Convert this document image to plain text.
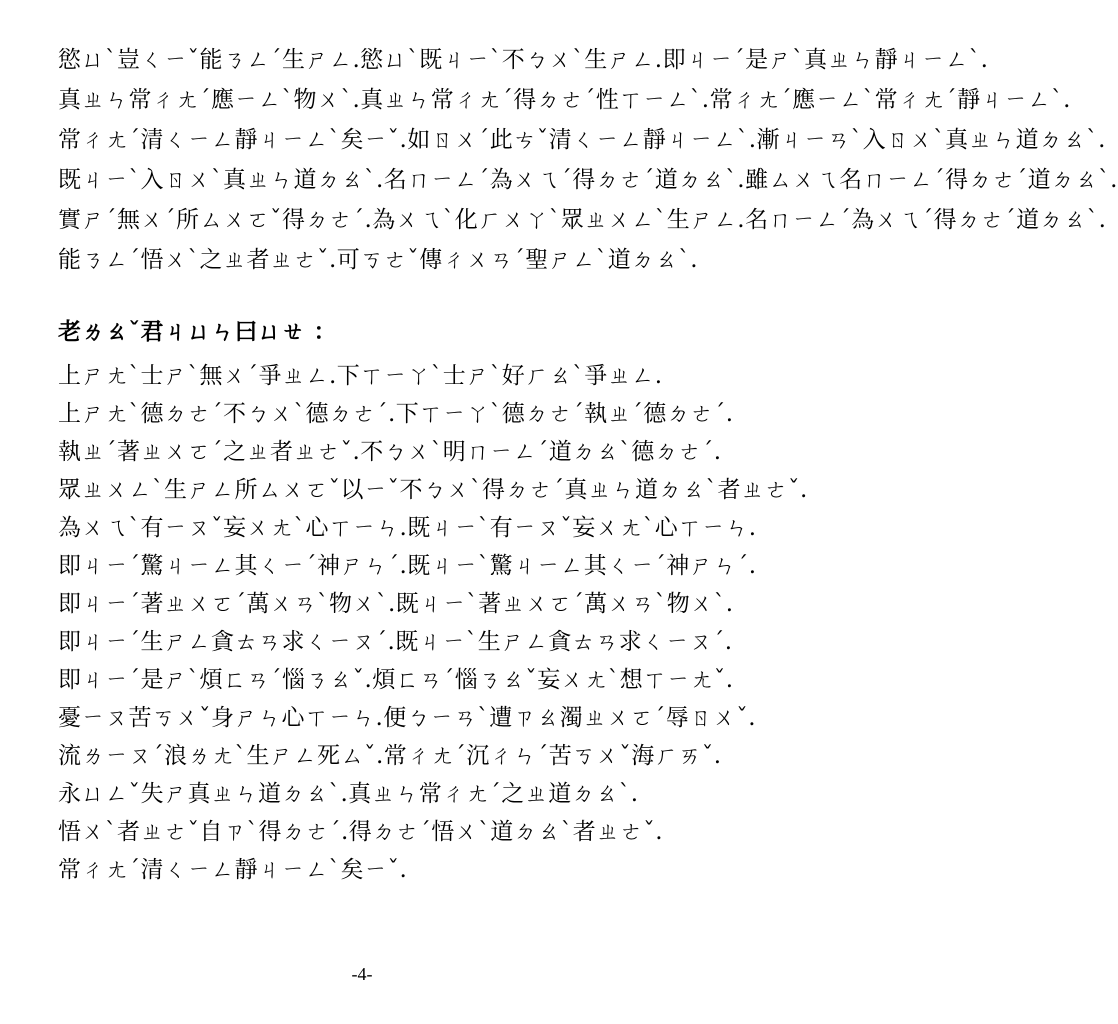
慾ㄩˋ豈ㄑㄧˇ能ㄋㄥˊ生ㄕㄥ.慾ㄩˋ既ㄐㄧˋ不ㄅㄨˋ生ㄕㄥ.即ㄐㄧˊ是ㄕˋ真ㄓㄣ靜ㄐㄧㄥˋ.
真ㄓㄣ常ㄔㄤˊ應ㄧㄥˋ物ㄨˋ.真ㄓㄣ常ㄔㄤˊ得ㄉㄜˊ性ㄒㄧㄥˋ.常ㄔㄤˊ應ㄧㄥˋ常ㄔㄤˊ靜ㄐㄧㄥˋ.
常ㄔㄤˊ清ㄑㄧㄥ靜ㄐㄧㄥˋ矣ㄧˇ.如ㄖㄨˊ此ㄘˇ清ㄑㄧㄥ靜ㄐㄧㄥˋ.漸ㄐㄧㄢˋ入ㄖㄨˋ真ㄓㄣ道ㄉㄠˋ.
既ㄐㄧˋ入ㄖㄨˋ真ㄓㄣ道ㄉㄠˋ.名ㄇㄧㄥˊ為ㄨㄟˊ得ㄉㄜˊ道ㄉㄠˋ.雖ㄙㄨㄟ名ㄇㄧㄥˊ得ㄉㄜˊ道ㄉㄠˋ.
實ㄕˊ無ㄨˊ所ㄙㄨㄛˇ得ㄉㄜˊ.為ㄨㄟˋ化ㄏㄨㄚˋ眾ㄓㄨㄥˋ生ㄕㄥ.名ㄇㄧㄥˊ為ㄨㄟˊ得ㄉㄜˊ道ㄉㄠˋ.
能ㄋㄥˊ悟ㄨˋ之ㄓ者ㄓㄜˇ.可ㄎㄜˇ傳ㄔㄨㄢˊ聖ㄕㄥˋ道ㄉㄠˋ.
老ㄌㄠˇ君ㄐㄩㄣ曰ㄩㄝ ：
上ㄕㄤˋ士ㄕˋ無ㄨˊ爭ㄓㄥ.下ㄒㄧㄚˋ士ㄕˋ好ㄏㄠˋ爭ㄓㄥ.
上ㄕㄤˋ德ㄉㄜˊ不ㄅㄨˋ德ㄉㄜˊ.下ㄒㄧㄚˋ德ㄉㄜˊ執ㄓˊ德ㄉㄜˊ.
執ㄓˊ著ㄓㄨㄛˊ之ㄓ者ㄓㄜˇ.不ㄅㄨˋ明ㄇㄧㄥˊ道ㄉㄠˋ德ㄉㄜˊ.
眾ㄓㄨㄥˋ生ㄕㄥ所ㄙㄨㄛˇ以ㄧˇ不ㄅㄨˋ得ㄉㄜˊ真ㄓㄣ道ㄉㄠˋ者ㄓㄜˇ.
為ㄨㄟˋ有ㄧㄡˇ妄ㄨㄤˋ心ㄒㄧㄣ.既ㄐㄧˋ有ㄧㄡˇ妄ㄨㄤˋ心ㄒㄧㄣ.
即ㄐㄧˊ驚ㄐㄧㄥ其ㄑㄧˊ神ㄕㄣˊ.既ㄐㄧˋ驚ㄐㄧㄥ其ㄑㄧˊ神ㄕㄣˊ.
即ㄐㄧˊ著ㄓㄨㄛˊ萬ㄨㄢˋ物ㄨˋ.既ㄐㄧˋ著ㄓㄨㄛˊ萬ㄨㄢˋ物ㄨˋ.
即ㄐㄧˊ生ㄕㄥ貪ㄊㄢ求ㄑㄧㄡˊ.既ㄐㄧˋ生ㄕㄥ貪ㄊㄢ求ㄑㄧㄡˊ.
即ㄐㄧˊ是ㄕˋ煩ㄈㄢˊ惱ㄋㄠˇ.煩ㄈㄢˊ惱ㄋㄠˇ妄ㄨㄤˋ想ㄒㄧㄤˇ.
憂ㄧㄡ苦ㄎㄨˇ身ㄕㄣ心ㄒㄧㄣ.便ㄅㄧㄢˋ遭ㄗㄠ濁ㄓㄨㄛˊ辱ㄖㄨˇ.
流ㄌㄧㄡˊ浪ㄌㄤˋ生ㄕㄥ死ㄙˇ.常ㄔㄤˊ沉ㄔㄣˊ苦ㄎㄨˇ海ㄏㄞˇ.
永ㄩㄥˇ失ㄕ真ㄓㄣ道ㄉㄠˋ.真ㄓㄣ常ㄔㄤˊ之ㄓ道ㄉㄠˋ.
悟ㄨˋ者ㄓㄜˇ自ㄗˋ得ㄉㄜˊ.得ㄉㄜˊ悟ㄨˋ道ㄉㄠˋ者ㄓㄜˇ.
常ㄔㄤˊ清ㄑㄧㄥ靜ㄐㄧㄥˋ矣ㄧˇ.
-4-
